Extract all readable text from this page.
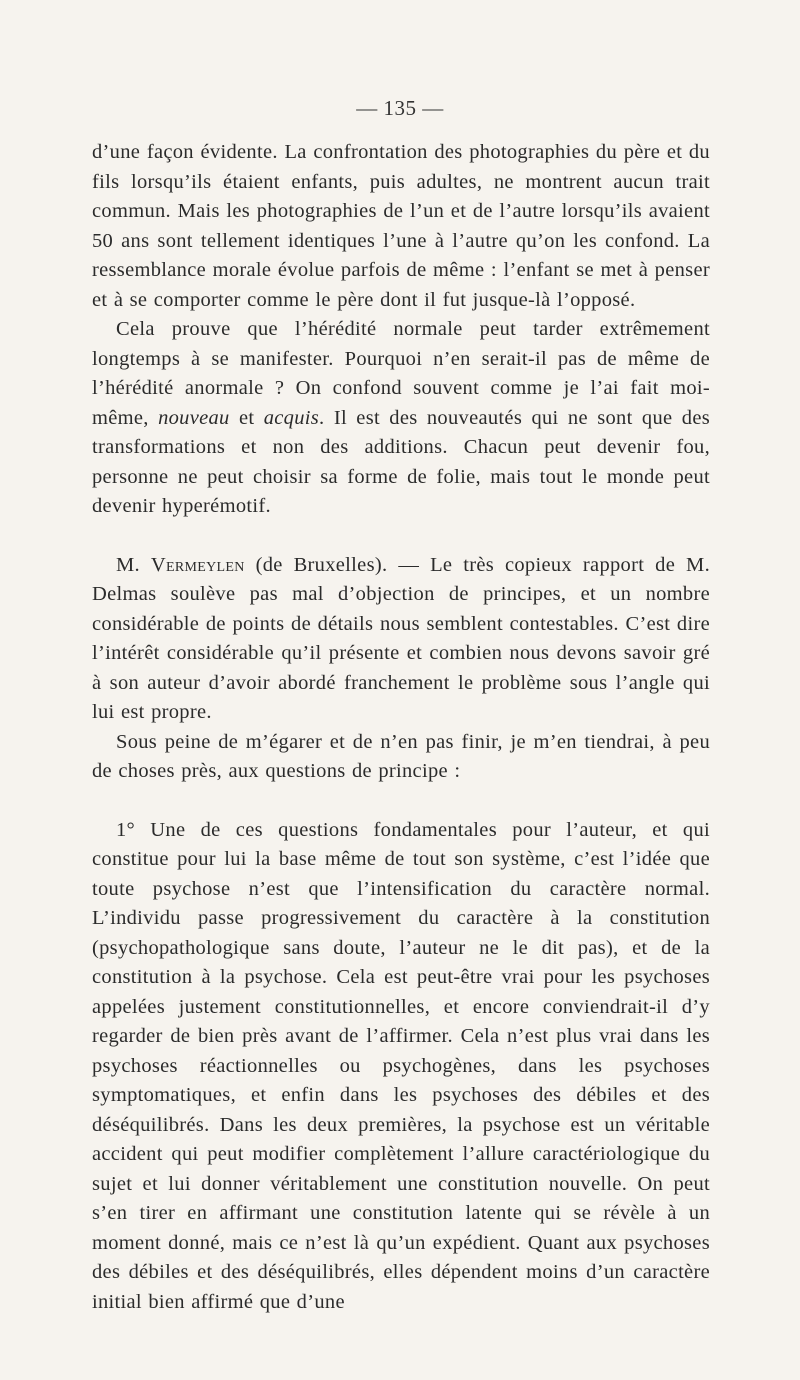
— 135 —

d’une façon évidente. La confrontation des photographies du père et du fils lorsqu’ils étaient enfants, puis adultes, ne montrent aucun trait commun. Mais les photographies de l’un et de l’autre lorsqu’ils avaient 50 ans sont tellement identiques l’une à l’autre qu’on les confond. La ressemblance morale évolue parfois de même : l’enfant se met à penser et à se comporter comme le père dont il fut jusque-là l’opposé.

Cela prouve que l’hérédité normale peut tarder extrêmement longtemps à se manifester. Pourquoi n’en serait-il pas de même de l’hérédité anormale ? On confond souvent comme je l’ai fait moi-même, nouveau et acquis. Il est des nouveautés qui ne sont que des transformations et non des additions. Chacun peut devenir fou, personne ne peut choisir sa forme de folie, mais tout le monde peut devenir hyperémotif.

M. Vermeylen (de Bruxelles). — Le très copieux rapport de M. Delmas soulève pas mal d’objection de principes, et un nombre considérable de points de détails nous semblent contestables. C’est dire l’intérêt considérable qu’il présente et combien nous devons savoir gré à son auteur d’avoir abordé franchement le problème sous l’angle qui lui est propre.

Sous peine de m’égarer et de n’en pas finir, je m’en tiendrai, à peu de choses près, aux questions de principe :

1° Une de ces questions fondamentales pour l’auteur, et qui constitue pour lui la base même de tout son système, c’est l’idée que toute psychose n’est que l’intensification du caractère normal. L’individu passe progressivement du caractère à la constitution (psychopathologique sans doute, l’auteur ne le dit pas), et de la constitution à la psychose. Cela est peut-être vrai pour les psychoses appelées justement constitutionnelles, et encore conviendrait-il d’y regarder de bien près avant de l’affirmer. Cela n’est plus vrai dans les psychoses réactionnelles ou psychogènes, dans les psychoses symptomatiques, et enfin dans les psychoses des débiles et des déséquilibrés. Dans les deux premières, la psychose est un véritable accident qui peut modifier complètement l’allure caractériologique du sujet et lui donner véritablement une constitution nouvelle. On peut s’en tirer en affirmant une constitution latente qui se révèle à un moment donné, mais ce n’est là qu’un expédient. Quant aux psychoses des débiles et des déséquilibrés, elles dépendent moins d’un caractère initial bien affirmé que d’une
